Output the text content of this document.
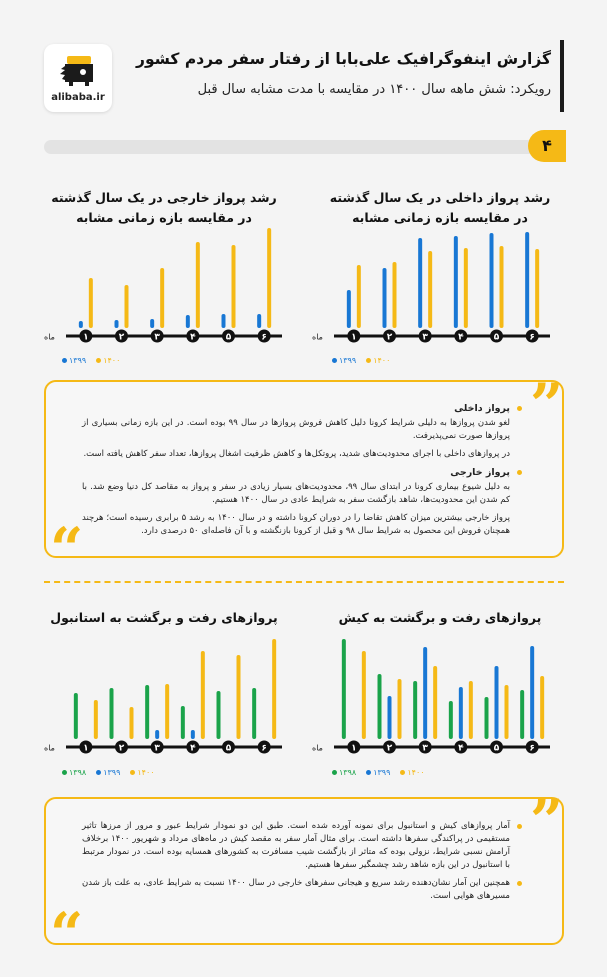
alibaba.ir
گزارش اینفوگرافیک علی‌بابا از رفتار سفر مردم کشور
رویکرد: شش ماهه سال ۱۴۰۰ در مقایسه با مدت مشابه سال قبل
۴
رشد پرواز داخلی در یک سال گذشته
در مقایسه بازه زمانی مشابه
رشد پرواز خارجی در یک سال گذشته
در مقایسه بازه زمانی مشابه
۱	۲	۳	۴	۵	۶
ماه
۱	۲	۳	۴	۵	۶
ماه
۱۳۹۹ ۱۴۰۰
۱۳۹۹ ۱۴۰۰
”
“
پرواز داخلی

لغو شدن پروازها به دلیلی شرایط کرونا دلیل کاهش فروش پروازها در سال ۹۹ بوده است. در این بازه زمانی بسیاری از پروازها صورت نمی‌پذیرفت.

در پروازهای داخلی با اجرای محدودیت‌های شدید، پروتکل‌ها و کاهش ظرفیت اشغال پروازها، تعداد سفر کاهش یافته است.

پرواز خارجی

به دلیل شیوع بیماری کرونا در ابتدای سال ۹۹، محدودیت‌های بسیار زیادی در سفر و پرواز به مقاصد کل دنیا وضع شد. با کم شدن این محدودیت‌ها، شاهد بازگشت سفر به شرایط عادی در سال ۱۴۰۰ هستیم.

پرواز خارجی بیشترین میزان کاهش تقاضا را در دوران کرونا داشته و در سال ۱۴۰۰ به رشد ۵ برابری رسیده است؛ هرچند همچنان فروش این محصول به شرایط سال ۹۸ و قبل از کرونا بازنگشته و با آن فاصله‌ای ۵۰ درصدی دارد.

پروازهای رفت و برگشت به کیش
پروازهای رفت و برگشت به استانبول
۱	۲	۳	۴	۵	۶
ماه
۱	۲	۳	۴	۵	۶
ماه
۱۳۹۸ ۱۳۹۹ ۱۴۰۰
۱۳۹۸ ۱۳۹۹ ۱۴۰۰
”
“

آمار پروازهای کیش و استانبول برای نمونه آورده شده است. طبق این دو نمودار شرایط عبور و مرور از مرزها تاثیر مستقیمی در پراکندگی سفرها داشته است. برای مثال آمار سفر به مقصد کیش در ماه‌های مرداد و شهریور ۱۴۰۰ برخلاف آرامش نسبی شرایط، نزولی بوده که متاثر از بازگشت شیب مسافرت به کشورهای همسایه بوده است. در نمودار مرتبط با استانبول در این بازه شاهد رشد چشمگیر سفرها هستیم.

همچنین این آمار نشان‌دهنده رشد سریع و هیجانی سفرهای خارجی در سال ۱۴۰۰ نسبت به شرایط عادی، به علت باز شدن مسیرهای هوایی است.
